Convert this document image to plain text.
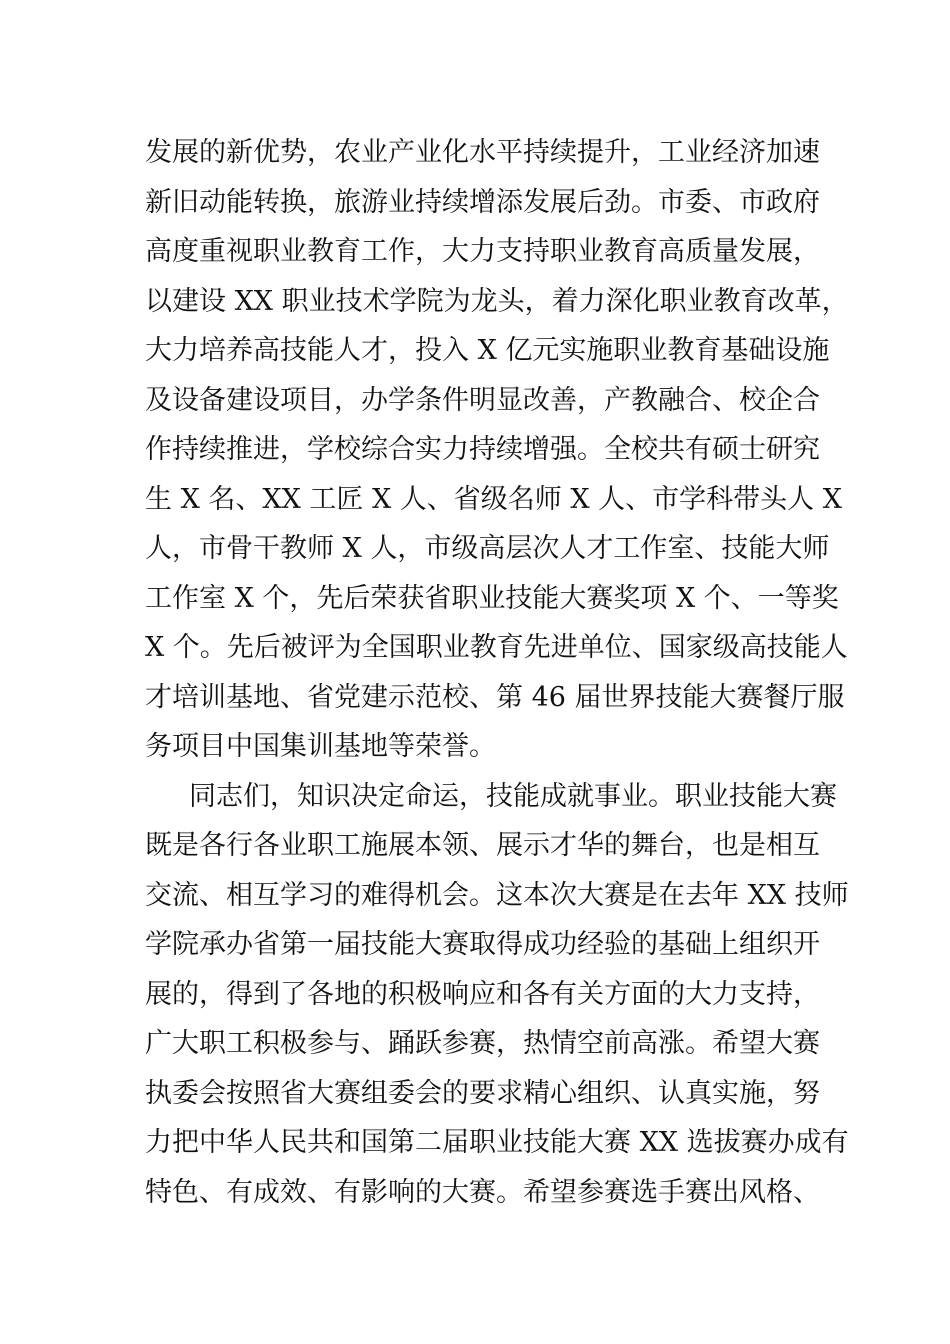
发展的新优势，农业产业化水平持续提升，工业经济加速
新旧动能转换，旅游业持续增添发展后劲。市委、市政府
高度重视职业教育工作，大力支持职业教育高质量发展，
以建设 XX 职业技术学院为龙头，着力深化职业教育改革，
大力培养高技能人才，投入 X 亿元实施职业教育基础设施
及设备建设项目，办学条件明显改善，产教融合、校企合
作持续推进，学校综合实力持续增强。全校共有硕士研究
生 X 名、XX 工匠 X 人、省级名师 X 人、市学科带头人 X
人，市骨干教师 X 人，市级高层次人才工作室、技能大师
工作室 X 个，先后荣获省职业技能大赛奖项 X 个、一等奖
X 个。先后被评为全国职业教育先进单位、国家级高技能人
才培训基地、省党建示范校、第 46 届世界技能大赛餐厅服
务项目中国集训基地等荣誉。
同志们，知识决定命运，技能成就事业。职业技能大赛
既是各行各业职工施展本领、展示才华的舞台，也是相互
交流、相互学习的难得机会。这本次大赛是在去年 XX 技师
学院承办省第一届技能大赛取得成功经验的基础上组织开
展的，得到了各地的积极响应和各有关方面的大力支持，
广大职工积极参与、踊跃参赛，热情空前高涨。希望大赛
执委会按照省大赛组委会的要求精心组织、认真实施，努
力把中华人民共和国第二届职业技能大赛 XX 选拔赛办成有
特色、有成效、有影响的大赛。希望参赛选手赛出风格、
